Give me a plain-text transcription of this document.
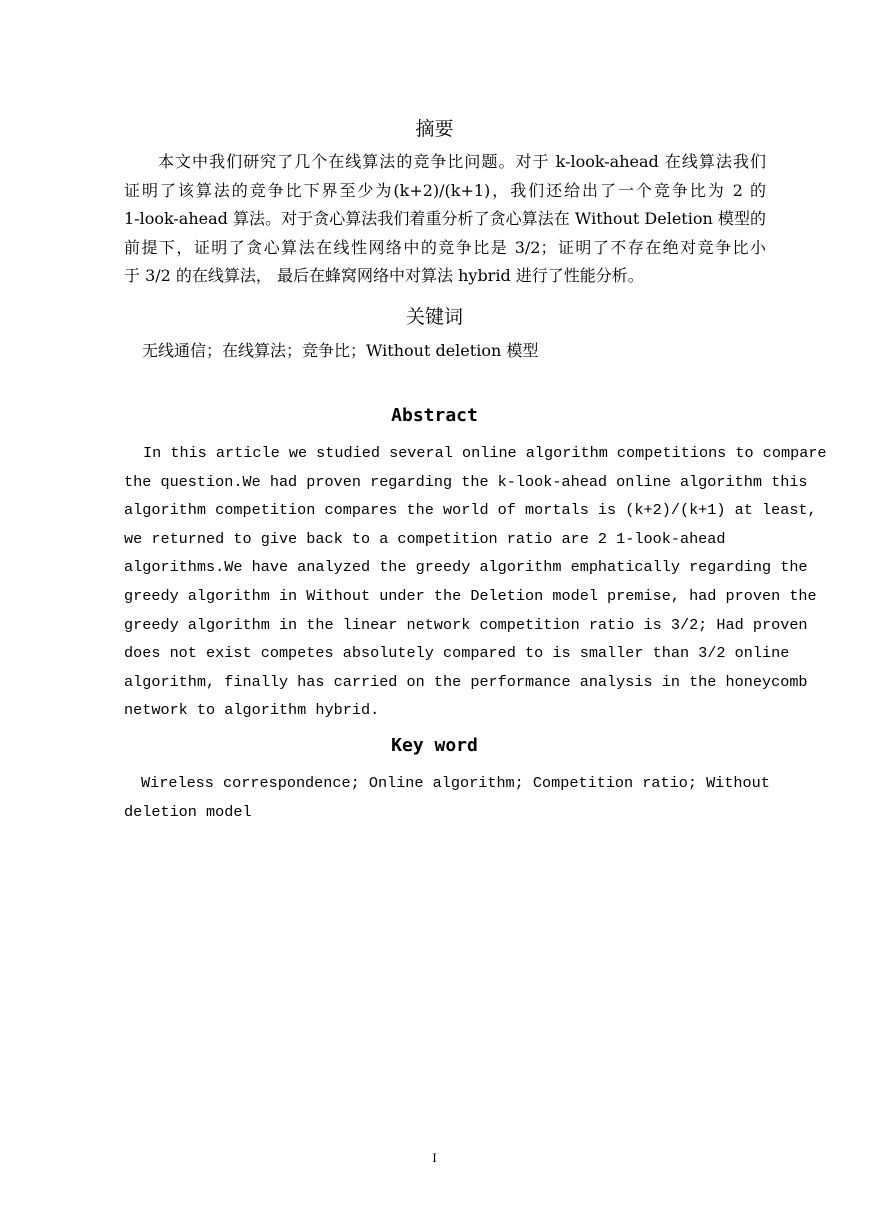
摘要
本文中我们研究了几个在线算法的竞争比问题。对于 k-look-ahead 在线算法我们
证明了该算法的竞争比下界至少为(k+2)/(k+1)，我们还给出了一个竞争比为 2 的
1-look-ahead 算法。对于贪心算法我们着重分析了贪心算法在 Without Deletion 模型的
前提下，证明了贪心算法在线性网络中的竞争比是 3/2；证明了不存在绝对竞争比小
于 3/2 的在线算法， 最后在蜂窝网络中对算法 hybrid 进行了性能分析。
关键词

无线通信；在线算法；竞争比；Without deletion 模型

Abstract
In this article we studied several online algorithm competitions to compare
the question.We had proven regarding the k-look-ahead online algorithm this
algorithm competition compares the world of mortals is (k+2)/(k+1) at least,
we returned to give back to a competition ratio are 2 1-look-ahead
algorithms.We have analyzed the greedy algorithm emphatically regarding the
greedy algorithm in Without under the Deletion model premise, had proven the
greedy algorithm in the linear network competition ratio is 3/2; Had proven
does not exist competes absolutely compared to is smaller than 3/2 online
algorithm, finally has carried on the performance analysis in the honeycomb
network to algorithm hybrid.
Key word
Wireless correspondence; Online algorithm; Competition ratio; Without
deletion model
I
